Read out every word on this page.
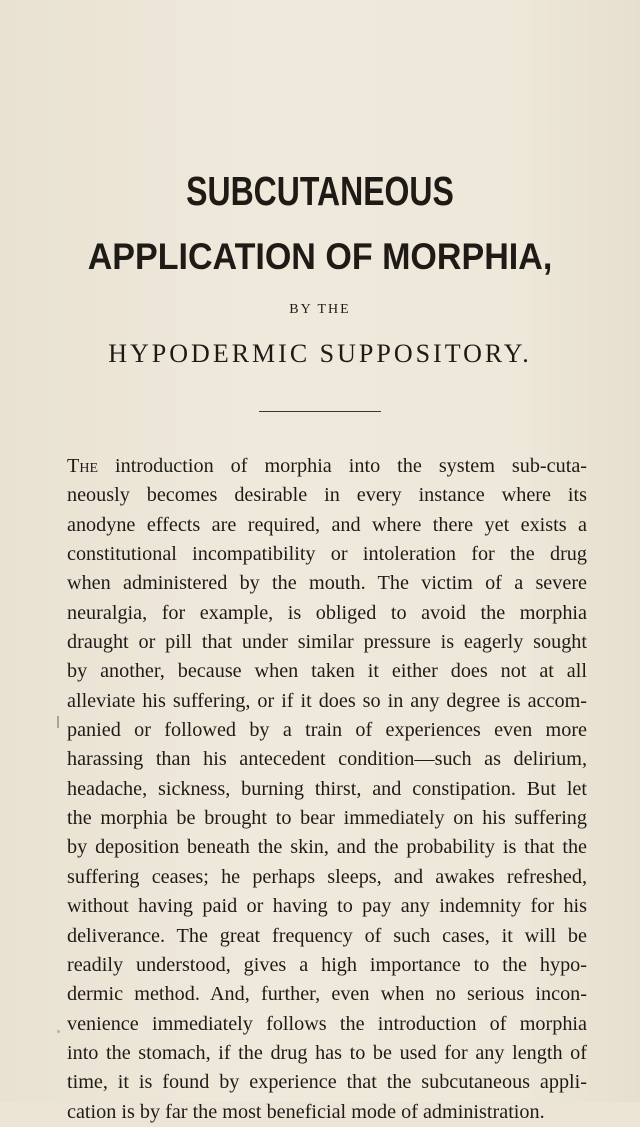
SUBCUTANEOUS
APPLICATION OF MORPHIA,
BY THE
HYPODERMIC SUPPOSITORY.
The introduction of morphia into the system sub-cuta-
neously becomes desirable in every instance where its
anodyne effects are required, and where there yet exists a
constitutional incompatibility or intoleration for the drug
when administered by the mouth. The victim of a severe
neuralgia, for example, is obliged to avoid the morphia
draught or pill that under similar pressure is eagerly sought
by another, because when taken it either does not at all
alleviate his suffering, or if it does so in any degree is accom-
panied or followed by a train of experiences even more
harassing than his antecedent condition—such as delirium,
headache, sickness, burning thirst, and constipation. But let
the morphia be brought to bear immediately on his suffering
by deposition beneath the skin, and the probability is that the
suffering ceases; he perhaps sleeps, and awakes refreshed,
without having paid or having to pay any indemnity for his
deliverance. The great frequency of such cases, it will be
readily understood, gives a high importance to the hypo-
dermic method. And, further, even when no serious incon-
venience immediately follows the introduction of morphia
into the stomach, if the drug has to be used for any length of
time, it is found by experience that the subcutaneous appli-
cation is by far the most beneficial mode of administration.
